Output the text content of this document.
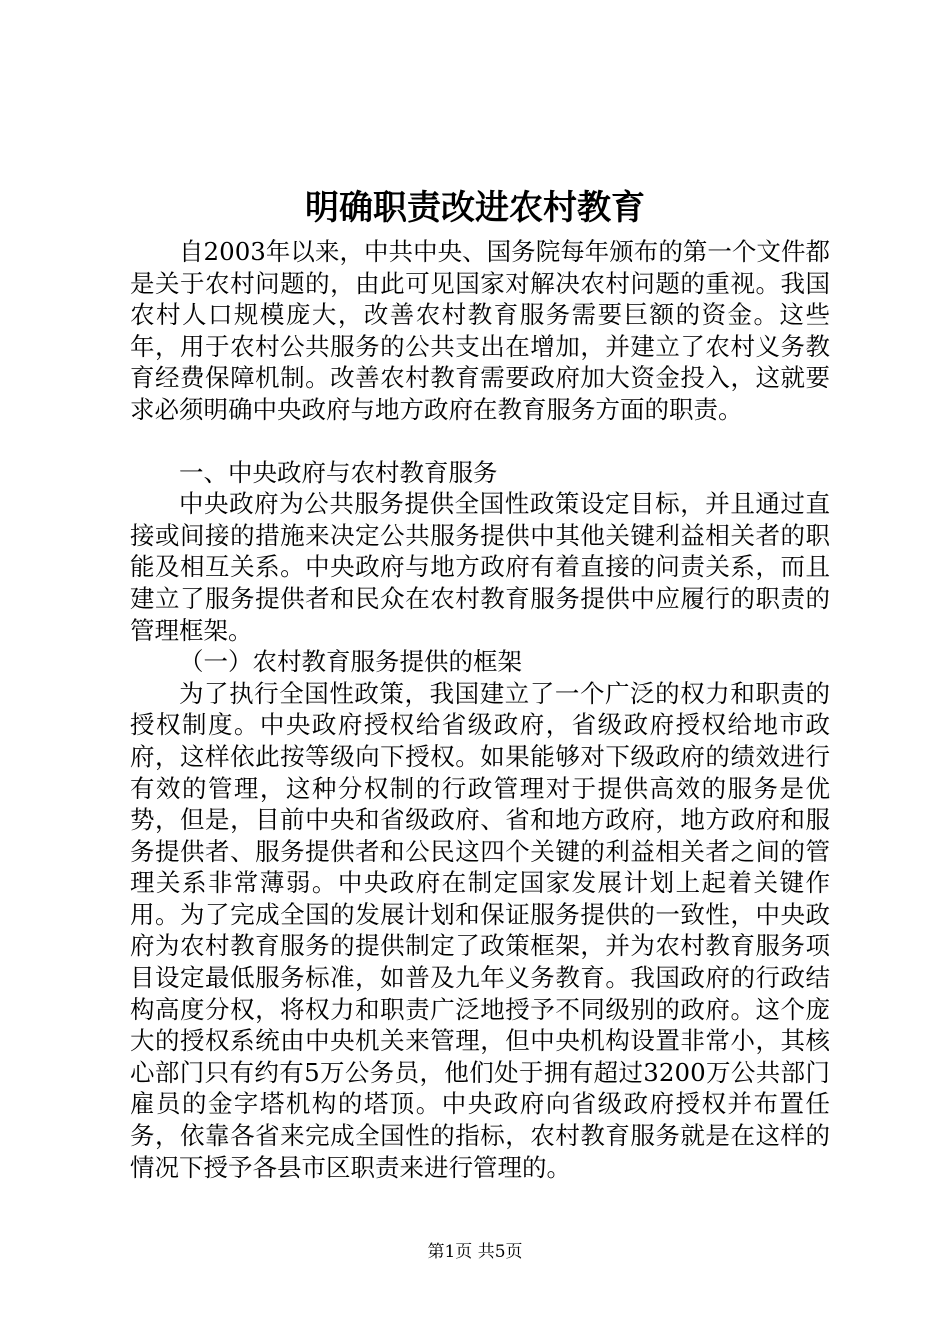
明确职责改进农村教育

自2003年以来，中共中央、国务院每年颁布的第一个文件都是关于农村问题的，由此可见国家对解决农村问题的重视。我国农村人口规模庞大，改善农村教育服务需要巨额的资金。这些年，用于农村公共服务的公共支出在增加，并建立了农村义务教育经费保障机制。改善农村教育需要政府加大资金投入，这就要求必须明确中央政府与地方政府在教育服务方面的职责。

一、中央政府与农村教育服务

中央政府为公共服务提供全国性政策设定目标，并且通过直接或间接的措施来决定公共服务提供中其他关键利益相关者的职能及相互关系。中央政府与地方政府有着直接的问责关系，而且建立了服务提供者和民众在农村教育服务提供中应履行的职责的管理框架。

（一）农村教育服务提供的框架

为了执行全国性政策，我国建立了一个广泛的权力和职责的授权制度。中央政府授权给省级政府，省级政府授权给地市政府，这样依此按等级向下授权。如果能够对下级政府的绩效进行有效的管理，这种分权制的行政管理对于提供高效的服务是优势，但是，目前中央和省级政府、省和地方政府，地方政府和服务提供者、服务提供者和公民这四个关键的利益相关者之间的管理关系非常薄弱。中央政府在制定国家发展计划上起着关键作用。为了完成全国的发展计划和保证服务提供的一致性，中央政府为农村教育服务的提供制定了政策框架，并为农村教育服务项目设定最低服务标准，如普及九年义务教育。我国政府的行政结构高度分权，将权力和职责广泛地授予不同级别的政府。这个庞大的授权系统由中央机关来管理，但中央机构设置非常小，其核心部门只有约有5万公务员，他们处于拥有超过3200万公共部门雇员的金字塔机构的塔顶。中央政府向省级政府授权并布置任务，依靠各省来完成全国性的指标，农村教育服务就是在这样的情况下授予各县市区职责来进行管理的。

第1页 共5页
